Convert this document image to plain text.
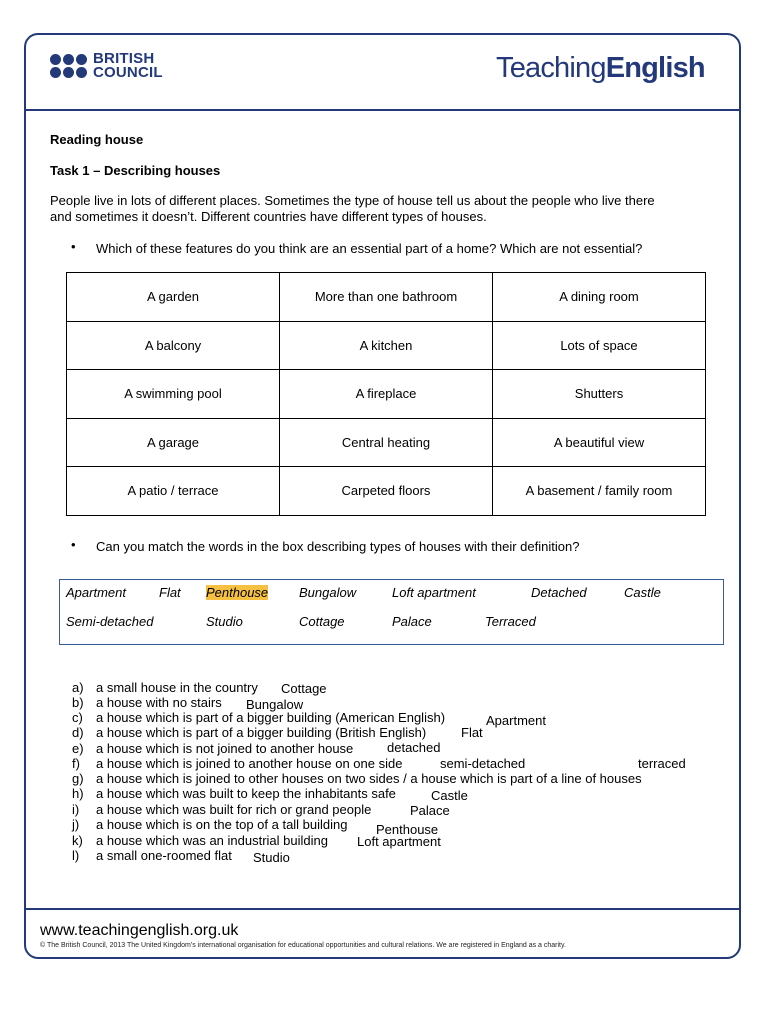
BRITISH
COUNCIL	TeachingEnglish
Reading house
Task 1 – Describing houses
People live in lots of different places. Sometimes the type of house tell us about the people who live there
and sometimes it doesn’t. Different countries have different types of houses.
• Which of these features do you think are an essential part of a home? Which are not essential?
A garden	More than one bathroom	A dining room
A balcony	A kitchen	Lots of space
A swimming pool	A fireplace	Shutters
A garage	Central heating	A beautiful view
A patio / terrace	Carpeted floors	A basement / family room
• Can you match the words in the box describing types of houses with their definition?
Apartment	Flat Penthouse Bungalow	Loft apartment	Detached	Castle
Semi-detached	Studio	Cottage	Palace	Terraced
a) a small house in the country Cottage
b) a house with no stairs Bungalow
c) a house which is part of a bigger building (American English)	Apartment
d) a house which is part of a bigger building (British English)	Flat
e) a house which is not joined to another house	detached
f) a house which is joined to another house on one side	semi-detached	terraced
g) a house which is joined to other houses on two sides / a house which is part of a line of houses
h) a house which was built to keep the inhabitants safe	Castle
i) a house which was built for rich or grand people	Palace
j) a house which is on the top of a tall building Penthouse
k) a house which was an industrial building Loft apartment
l) a small one-roomed flat Studio
www.teachingenglish.org.uk
© The British Council, 2013 The United Kingdom’s international organisation for educational opportunities and cultural relations. We are registered in England as a charity.
